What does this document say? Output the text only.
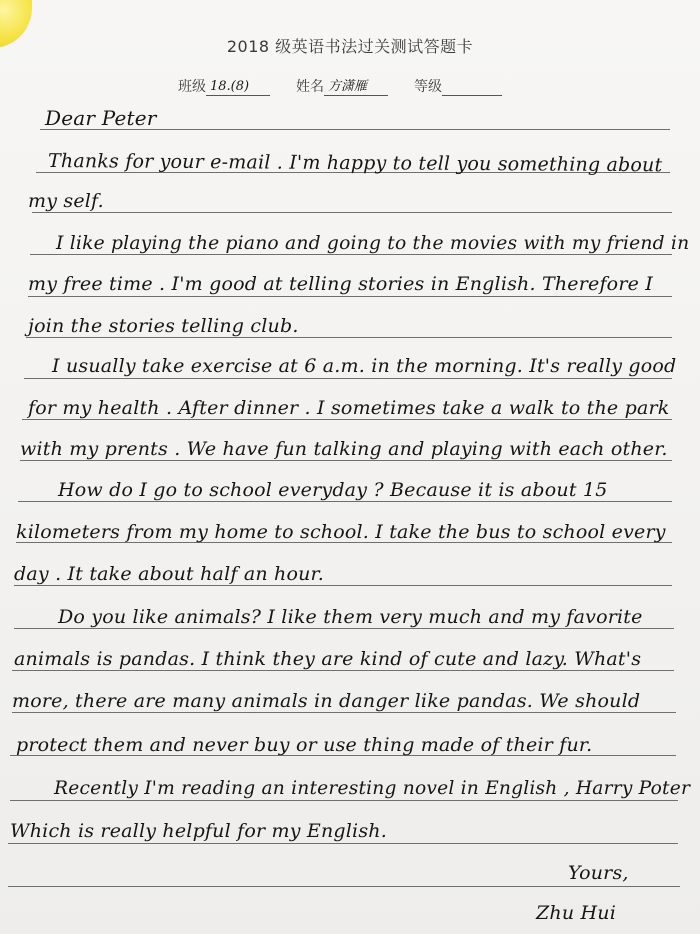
2018 级英语书法过关测试答题卡
班级 18.(8)	姓名 方潇雁	等级
Dear Peter
Thanks for your e-mail . I'm happy to tell you something about
my self.
I like playing the piano and going to the movies with my friend in
my free time . I'm good at telling stories in English. Therefore I
join the stories telling club.
I usually take exercise at 6 a.m. in the morning. It's really good
for my health . After dinner . I sometimes take a walk to the park
with my prents . We have fun talking and playing with each other.
How do I go to school everyday ? Because it is about 15
kilometers from my home to school. I take the bus to school every
day . It take about half an hour.
Do you like animals? I like them very much and my favorite
animals is pandas. I think they are kind of cute and lazy. What's
more, there are many animals in danger like pandas. We should
protect them and never buy or use thing made of their fur.
Recently I'm reading an interesting novel in English , Harry Poter
Which is really helpful for my English.
Yours,
Zhu Hui
